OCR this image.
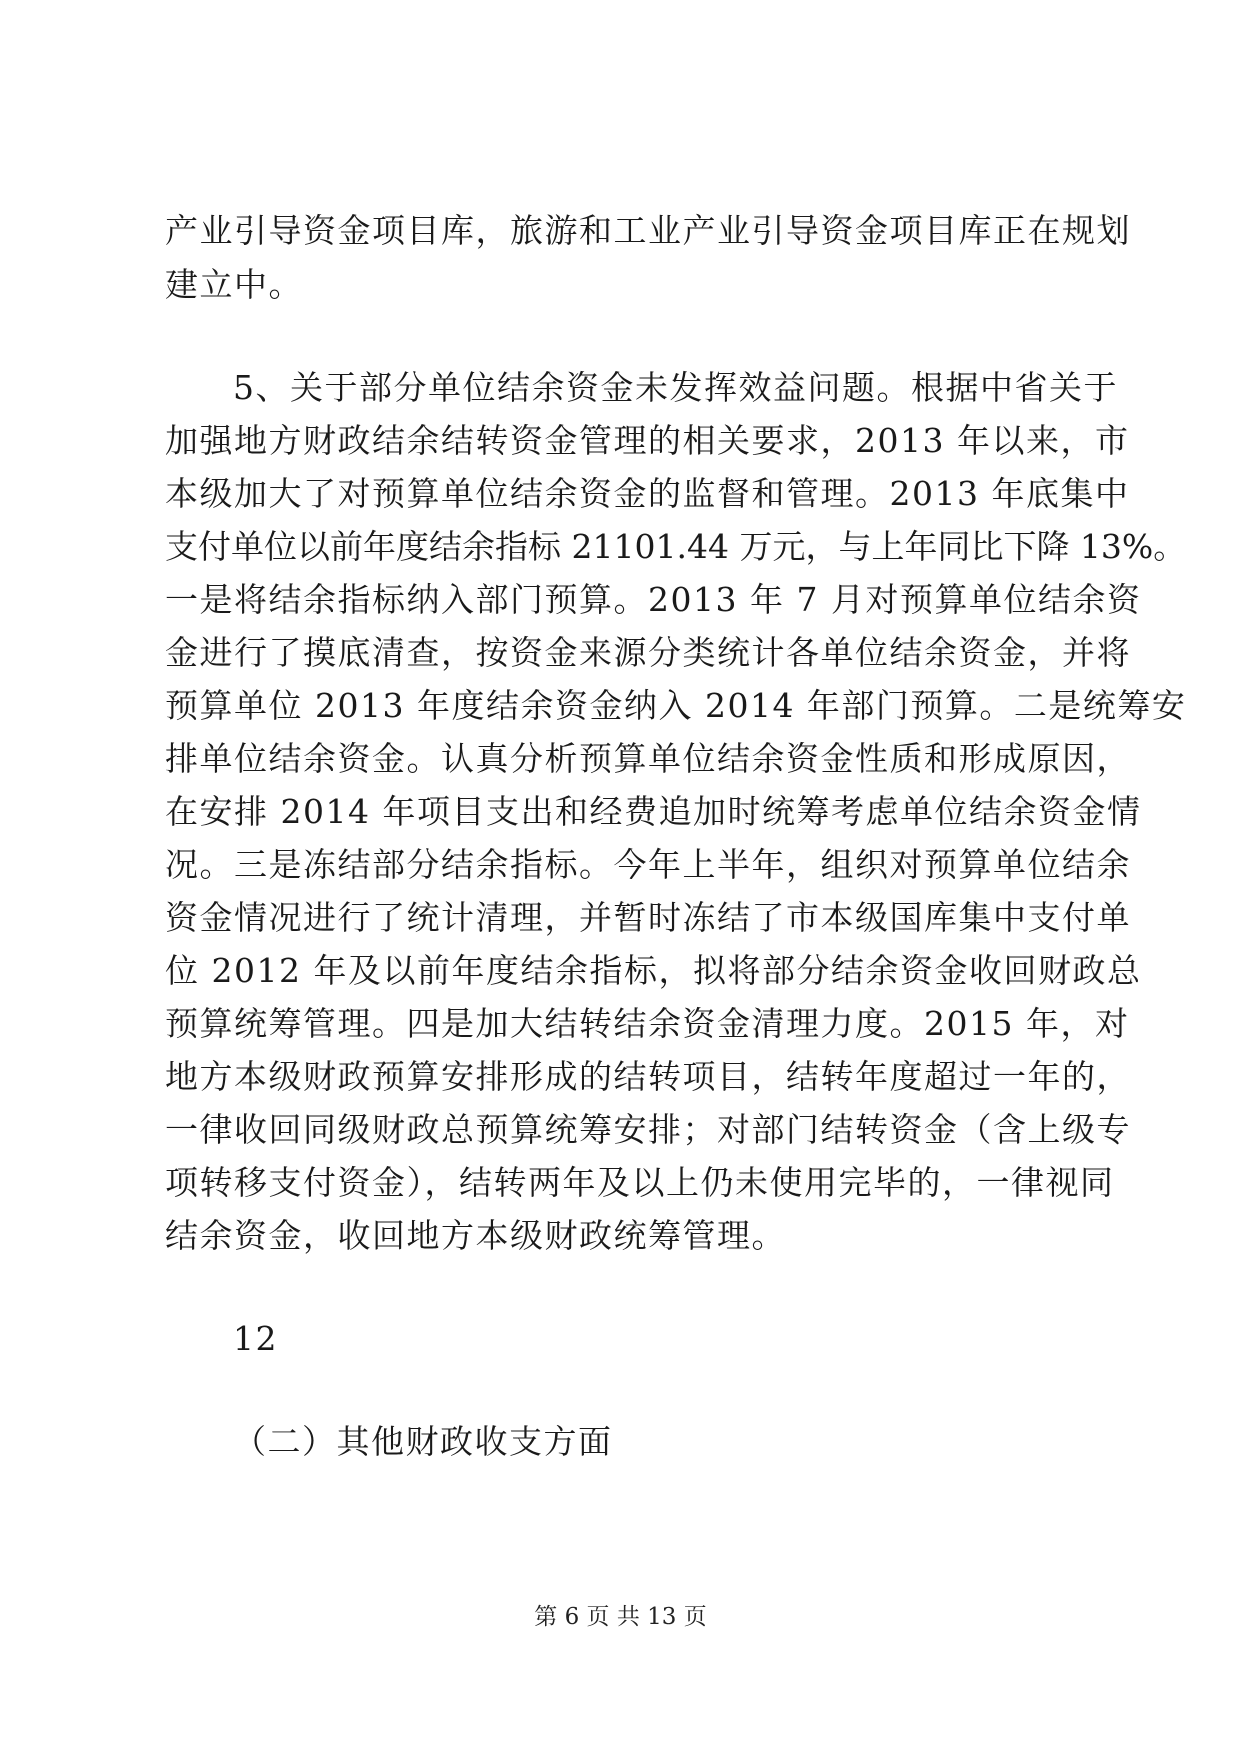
产业引导资金项目库，旅游和工业产业引导资金项目库正在规划
建立中。
5、关于部分单位结余资金未发挥效益问题。根据中省关于
加强地方财政结余结转资金管理的相关要求，2013 年以来，市
本级加大了对预算单位结余资金的监督和管理。2013 年底集中
支付单位以前年度结余指标 21101.44 万元，与上年同比下降 13%。
一是将结余指标纳入部门预算。2013 年 7 月对预算单位结余资
金进行了摸底清查，按资金来源分类统计各单位结余资金，并将
预算单位 2013 年度结余资金纳入 2014 年部门预算。二是统筹安
排单位结余资金。认真分析预算单位结余资金性质和形成原因，
在安排 2014 年项目支出和经费追加时统筹考虑单位结余资金情
况。三是冻结部分结余指标。今年上半年，组织对预算单位结余
资金情况进行了统计清理，并暂时冻结了市本级国库集中支付单
位 2012 年及以前年度结余指标，拟将部分结余资金收回财政总
预算统筹管理。四是加大结转结余资金清理力度。2015 年，对
地方本级财政预算安排形成的结转项目，结转年度超过一年的，
一律收回同级财政总预算统筹安排；对部门结转资金（含上级专
项转移支付资金），结转两年及以上仍未使用完毕的，一律视同
结余资金，收回地方本级财政统筹管理。
12
（二）其他财政收支方面
第 6 页 共 13 页
